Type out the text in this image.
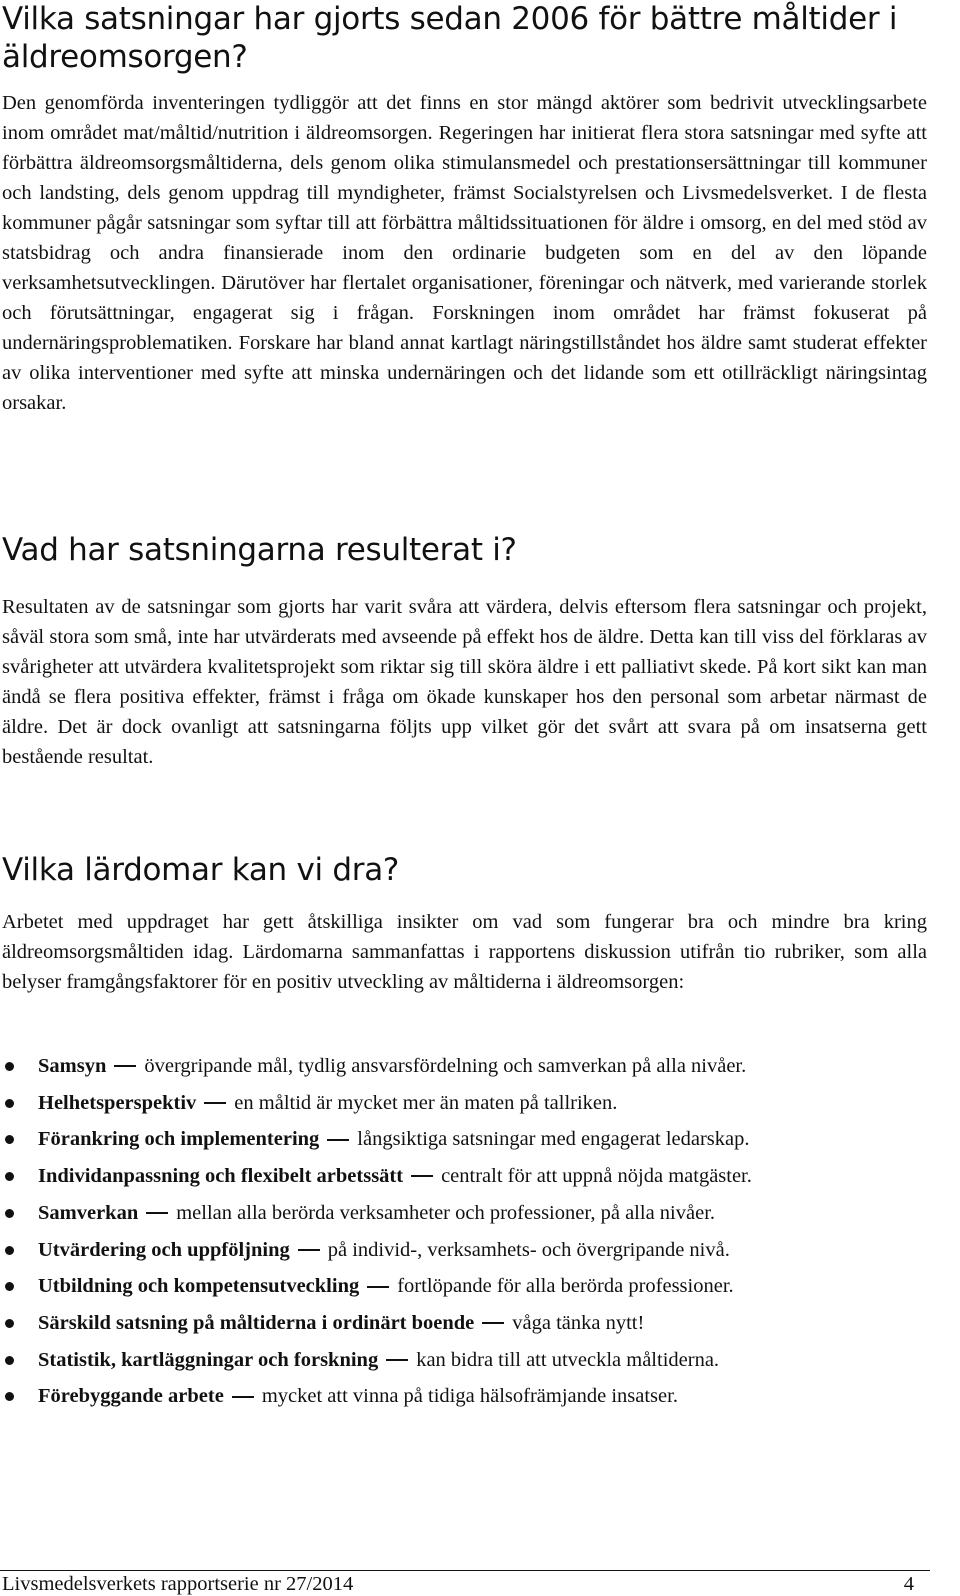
Vilka satsningar har gjorts sedan 2006 för bättre måltider i äldreomsorgen?

Den genomförda inventeringen tydliggör att det finns en stor mängd aktörer som bedrivit utvecklingsarbete inom området mat/måltid/nutrition i äldreomsorgen. Regeringen har initierat flera stora satsningar med syfte att förbättra äldreomsorgsmåltiderna, dels genom olika stimulansmedel och prestationsersättningar till kommuner och landsting, dels genom uppdrag till myndigheter, främst Socialstyrelsen och Livsmedelsverket. I de flesta kommuner pågår satsningar som syftar till att förbättra måltidssituationen för äldre i omsorg, en del med stöd av statsbidrag och andra finansierade inom den ordinarie budgeten som en del av den löpande verksamhetsutvecklingen. Därutöver har flertalet organisationer, föreningar och nätverk, med varierande storlek och förutsättningar, engagerat sig i frågan. Forskningen inom området har främst fokuserat på undernäringsproblematiken. Forskare har bland annat kartlagt näringstillståndet hos äldre samt studerat effekter av olika interventioner med syfte att minska undernäringen och det lidande som ett otillräckligt näringsintag orsakar.

Vad har satsningarna resulterat i?

Resultaten av de satsningar som gjorts har varit svåra att värdera, delvis eftersom flera satsningar och projekt, såväl stora som små, inte har utvärderats med avseende på effekt hos de äldre. Detta kan till viss del förklaras av svårigheter att utvärdera kvalitetsprojekt som riktar sig till sköra äldre i ett palliativt skede. På kort sikt kan man ändå se flera positiva effekter, främst i fråga om ökade kunskaper hos den personal som arbetar närmast de äldre. Det är dock ovanligt att satsningarna följts upp vilket gör det svårt att svara på om insatserna gett bestående resultat.

Vilka lärdomar kan vi dra?

Arbetet med uppdraget har gett åtskilliga insikter om vad som fungerar bra och mindre bra kring äldreomsorgsmåltiden idag. Lärdomarna sammanfattas i rapportens diskussion utifrån tio rubriker, som alla belyser framgångsfaktorer för en positiv utveckling av måltiderna i äldreomsorgen:

Samsyn övergripande mål, tydlig ansvarsfördelning och samverkan på alla nivåer.
Helhetsperspektiv en måltid är mycket mer än maten på tallriken.
Förankring och implementering långsiktiga satsningar med engagerat ledarskap.
Individanpassning och flexibelt arbetssätt centralt för att uppnå nöjda matgäster.
Samverkan mellan alla berörda verksamheter och professioner, på alla nivåer.
Utvärdering och uppföljning på individ-, verksamhets- och övergripande nivå.
Utbildning och kompetensutveckling fortlöpande för alla berörda professioner.
Särskild satsning på måltiderna i ordinärt boende våga tänka nytt!
Statistik, kartläggningar och forskning kan bidra till att utveckla måltiderna.
Förebyggande arbete mycket att vinna på tidiga hälsofrämjande insatser.
Livsmedelsverkets rapportserie nr 27/2014	4
